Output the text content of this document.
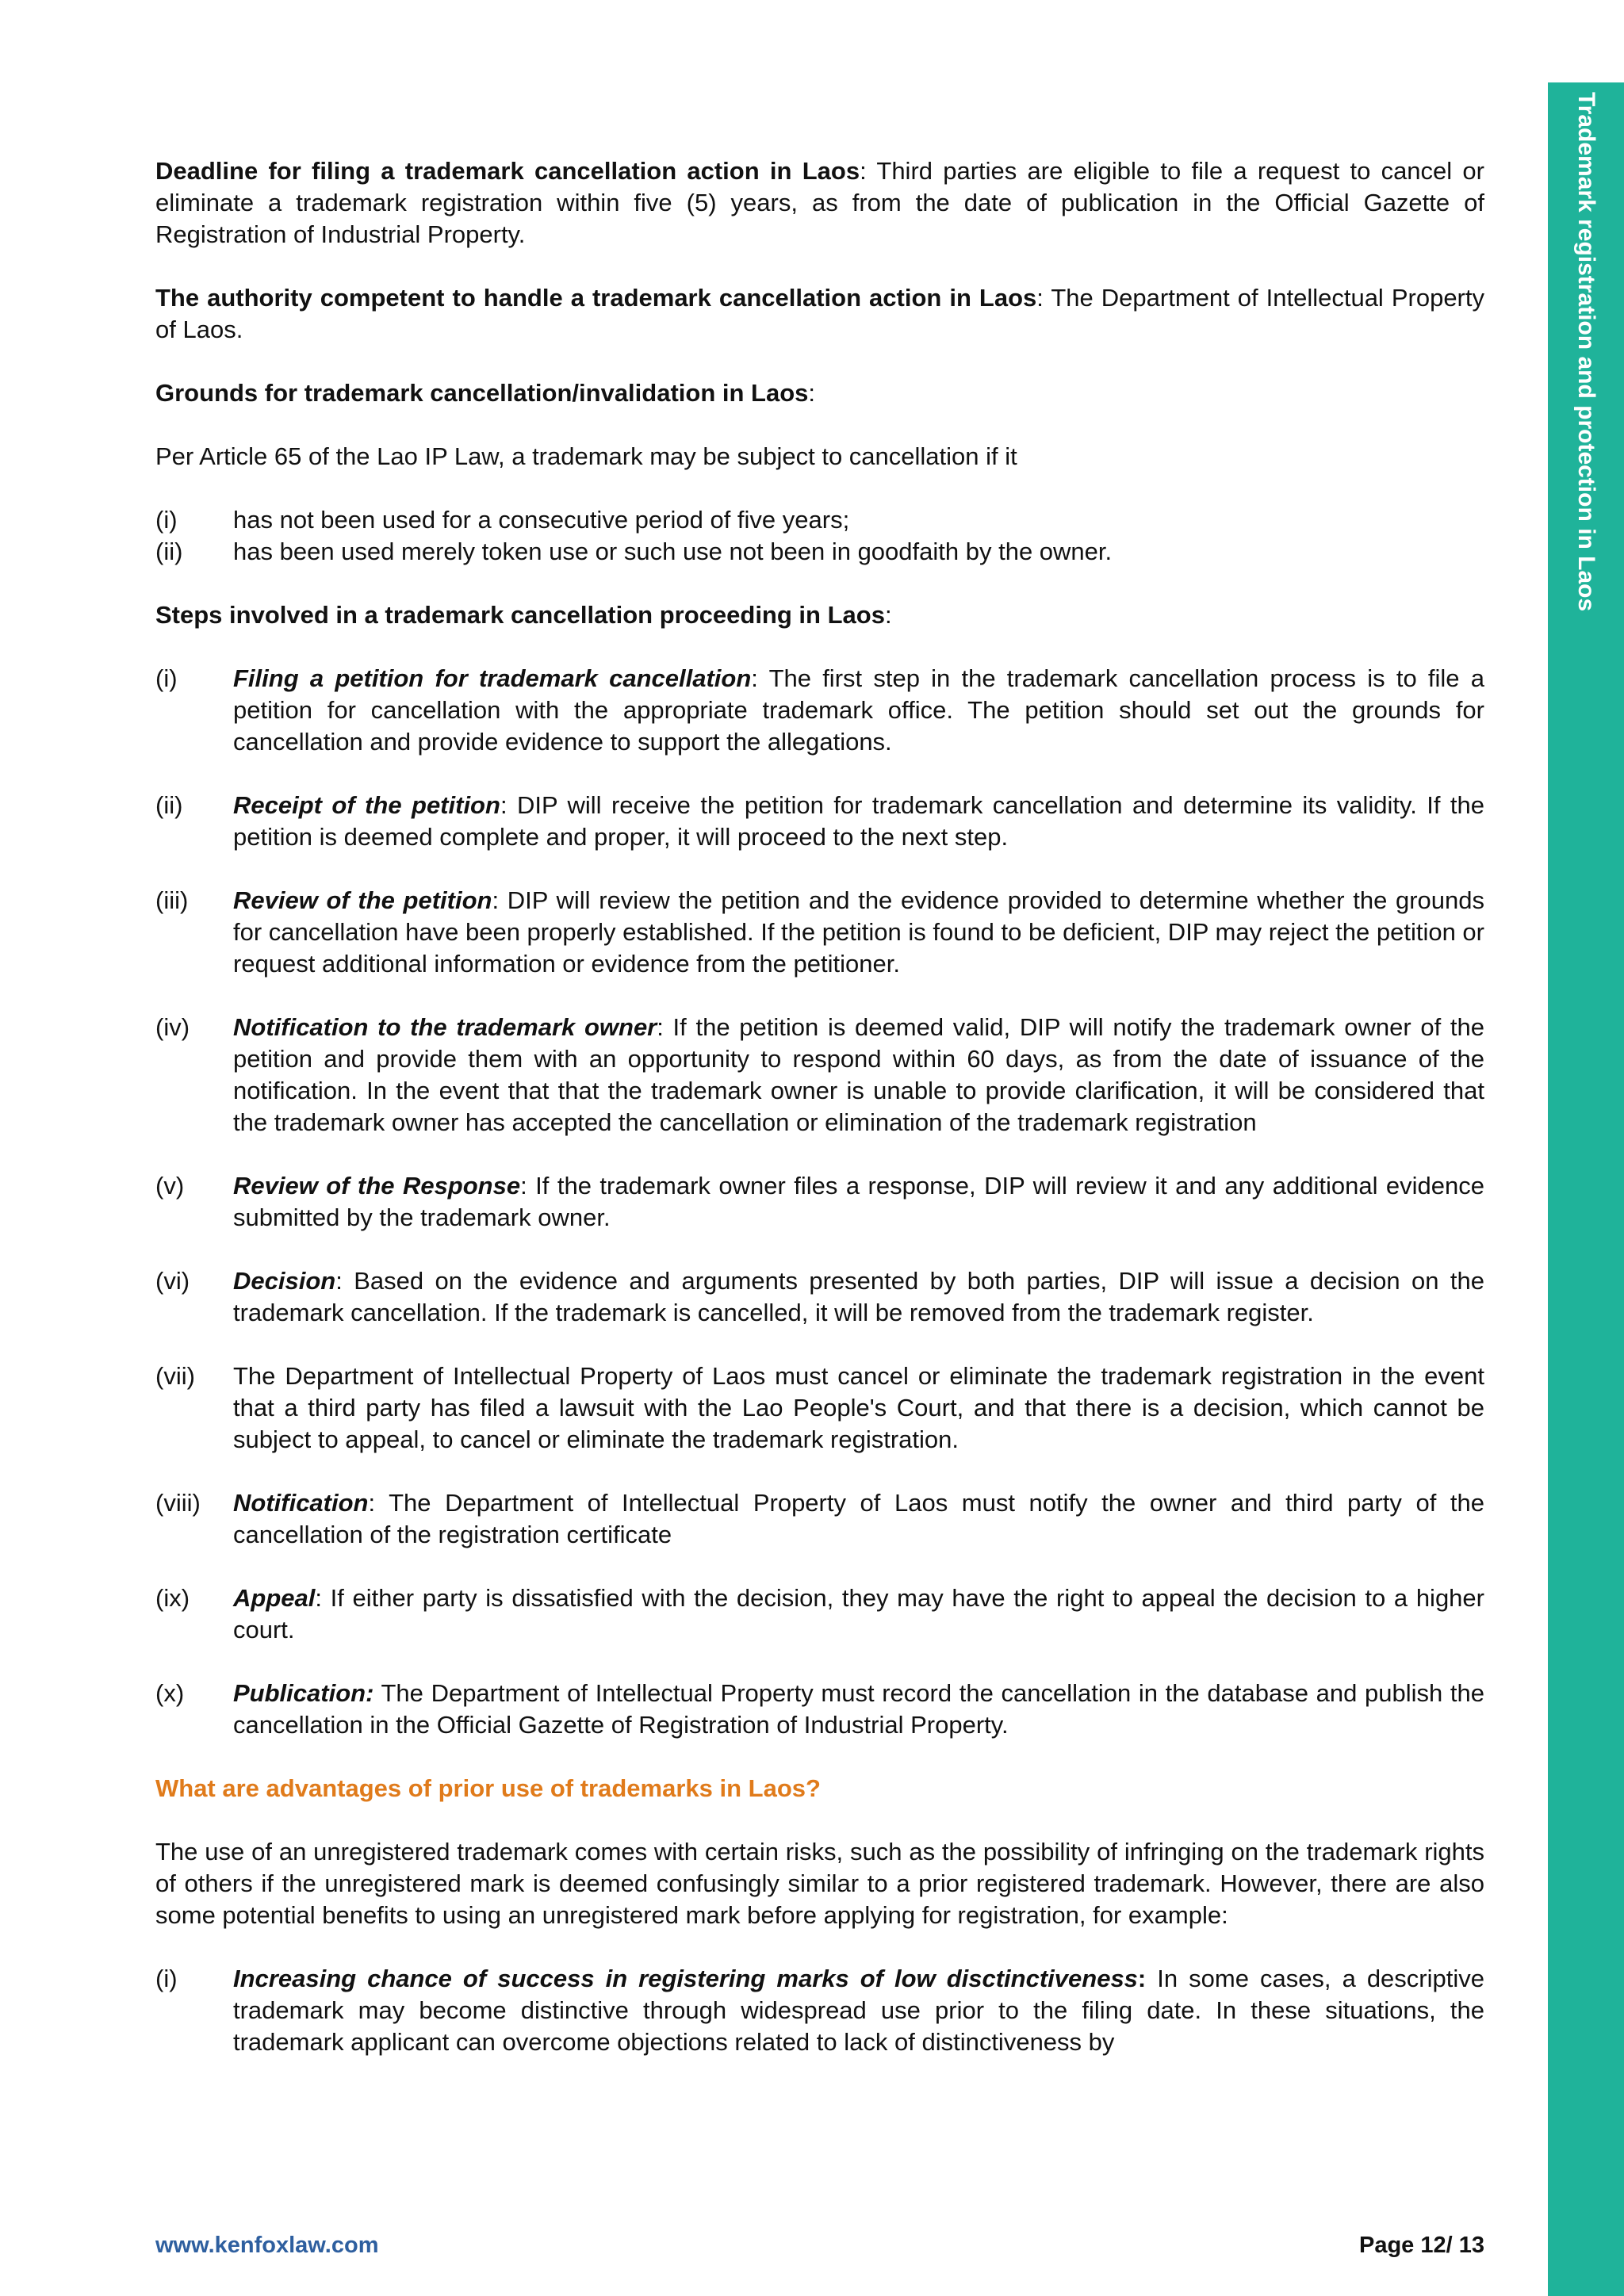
Trademark registration and protection in Laos

Deadline for filing a trademark cancellation action in Laos: Third parties are eligible to file a request to cancel or eliminate a trademark registration within five (5) years, as from the date of publication in the Official Gazette of Registration of Industrial Property.

The authority competent to handle a trademark cancellation action in Laos: The Department of Intellectual Property of Laos.

Grounds for trademark cancellation/invalidation in Laos:

Per Article 65 of the Lao IP Law, a trademark may be subject to cancellation if it

(i)	has not been used for a consecutive period of five years;
(ii)	has been used merely token use or such use not been in goodfaith by the owner.

Steps involved in a trademark cancellation proceeding in Laos:

(i)	Filing a petition for trademark cancellation: The first step in the trademark cancellation process is to file a petition for cancellation with the appropriate trademark office. The petition should set out the grounds for cancellation and provide evidence to support the allegations.
(ii)	Receipt of the petition: DIP will receive the petition for trademark cancellation and determine its validity. If the petition is deemed complete and proper, it will proceed to the next step.
(iii)	Review of the petition: DIP will review the petition and the evidence provided to determine whether the grounds for cancellation have been properly established. If the petition is found to be deficient, DIP may reject the petition or request additional information or evidence from the petitioner.
(iv)	Notification to the trademark owner: If the petition is deemed valid, DIP will notify the trademark owner of the petition and provide them with an opportunity to respond within 60 days, as from the date of issuance of the notification. In the event that that the trademark owner is unable to provide clarification, it will be considered that the trademark owner has accepted the cancellation or elimination of the trademark registration
(v)	Review of the Response: If the trademark owner files a response, DIP will review it and any additional evidence submitted by the trademark owner.
(vi)	Decision: Based on the evidence and arguments presented by both parties, DIP will issue a decision on the trademark cancellation. If the trademark is cancelled, it will be removed from the trademark register.
(vii)	The Department of Intellectual Property of Laos must cancel or eliminate the trademark registration in the event that a third party has filed a lawsuit with the Lao People's Court, and that there is a decision, which cannot be subject to appeal, to cancel or eliminate the trademark registration.
(viii)	Notification: The Department of Intellectual Property of Laos must notify the owner and third party of the cancellation of the registration certificate
(ix)	Appeal: If either party is dissatisfied with the decision, they may have the right to appeal the decision to a higher court.
(x)	Publication: The Department of Intellectual Property must record the cancellation in the database and publish the cancellation in the Official Gazette of Registration of Industrial Property.

What are advantages of prior use of trademarks in Laos?

The use of an unregistered trademark comes with certain risks, such as the possibility of infringing on the trademark rights of others if the unregistered mark is deemed confusingly similar to a prior registered trademark. However, there are also some potential benefits to using an unregistered mark before applying for registration, for example:

(i)	Increasing chance of success in registering marks of low disctinctiveness: In some cases, a descriptive trademark may become distinctive through widespread use prior to the filing date. In these situations, the trademark applicant can overcome objections related to lack of distinctiveness by
www.kenfoxlaw.com	Page 12/ 13
